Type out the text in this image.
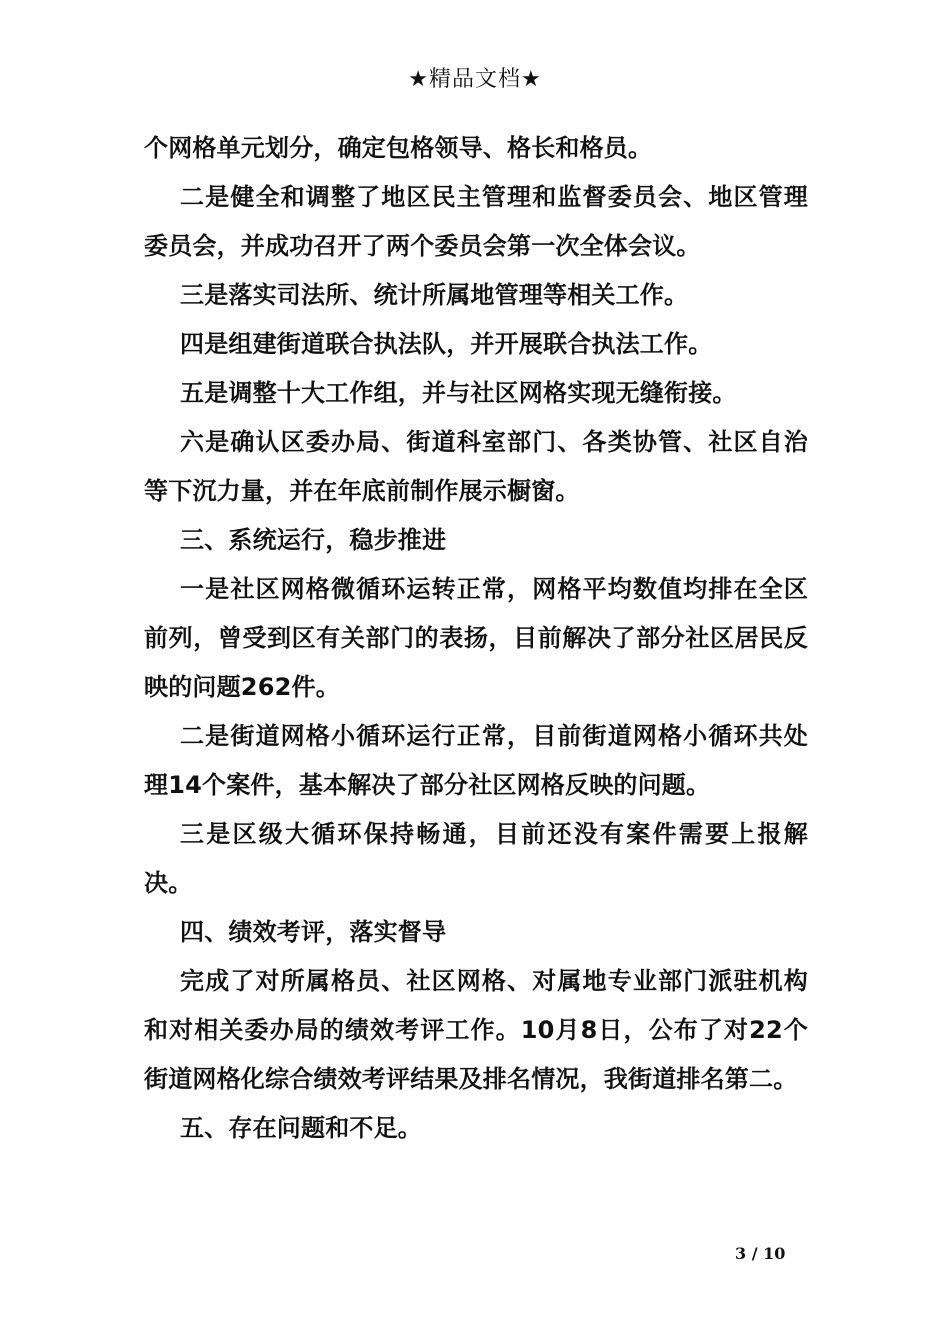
★精品文档★

个网格单元划分，确定包格领导、格长和格员。

二是健全和调整了地区民主管理和监督委员会、地区管理委员会，并成功召开了两个委员会第一次全体会议。

三是落实司法所、统计所属地管理等相关工作。

四是组建街道联合执法队，并开展联合执法工作。

五是调整十大工作组，并与社区网格实现无缝衔接。

六是确认区委办局、街道科室部门、各类协管、社区自治等下沉力量，并在年底前制作展示橱窗。

三、系统运行，稳步推进

一是社区网格微循环运转正常，网格平均数值均排在全区前列，曾受到区有关部门的表扬，目前解决了部分社区居民反映的问题262件。

二是街道网格小循环运行正常，目前街道网格小循环共处理14个案件，基本解决了部分社区网格反映的问题。

三是区级大循环保持畅通，目前还没有案件需要上报解决。

四、绩效考评，落实督导

完成了对所属格员、社区网格、对属地专业部门派驻机构和对相关委办局的绩效考评工作。10月8日，公布了对22个街道网格化综合绩效考评结果及排名情况，我街道排名第二。

五、存在问题和不足。

3 / 10
